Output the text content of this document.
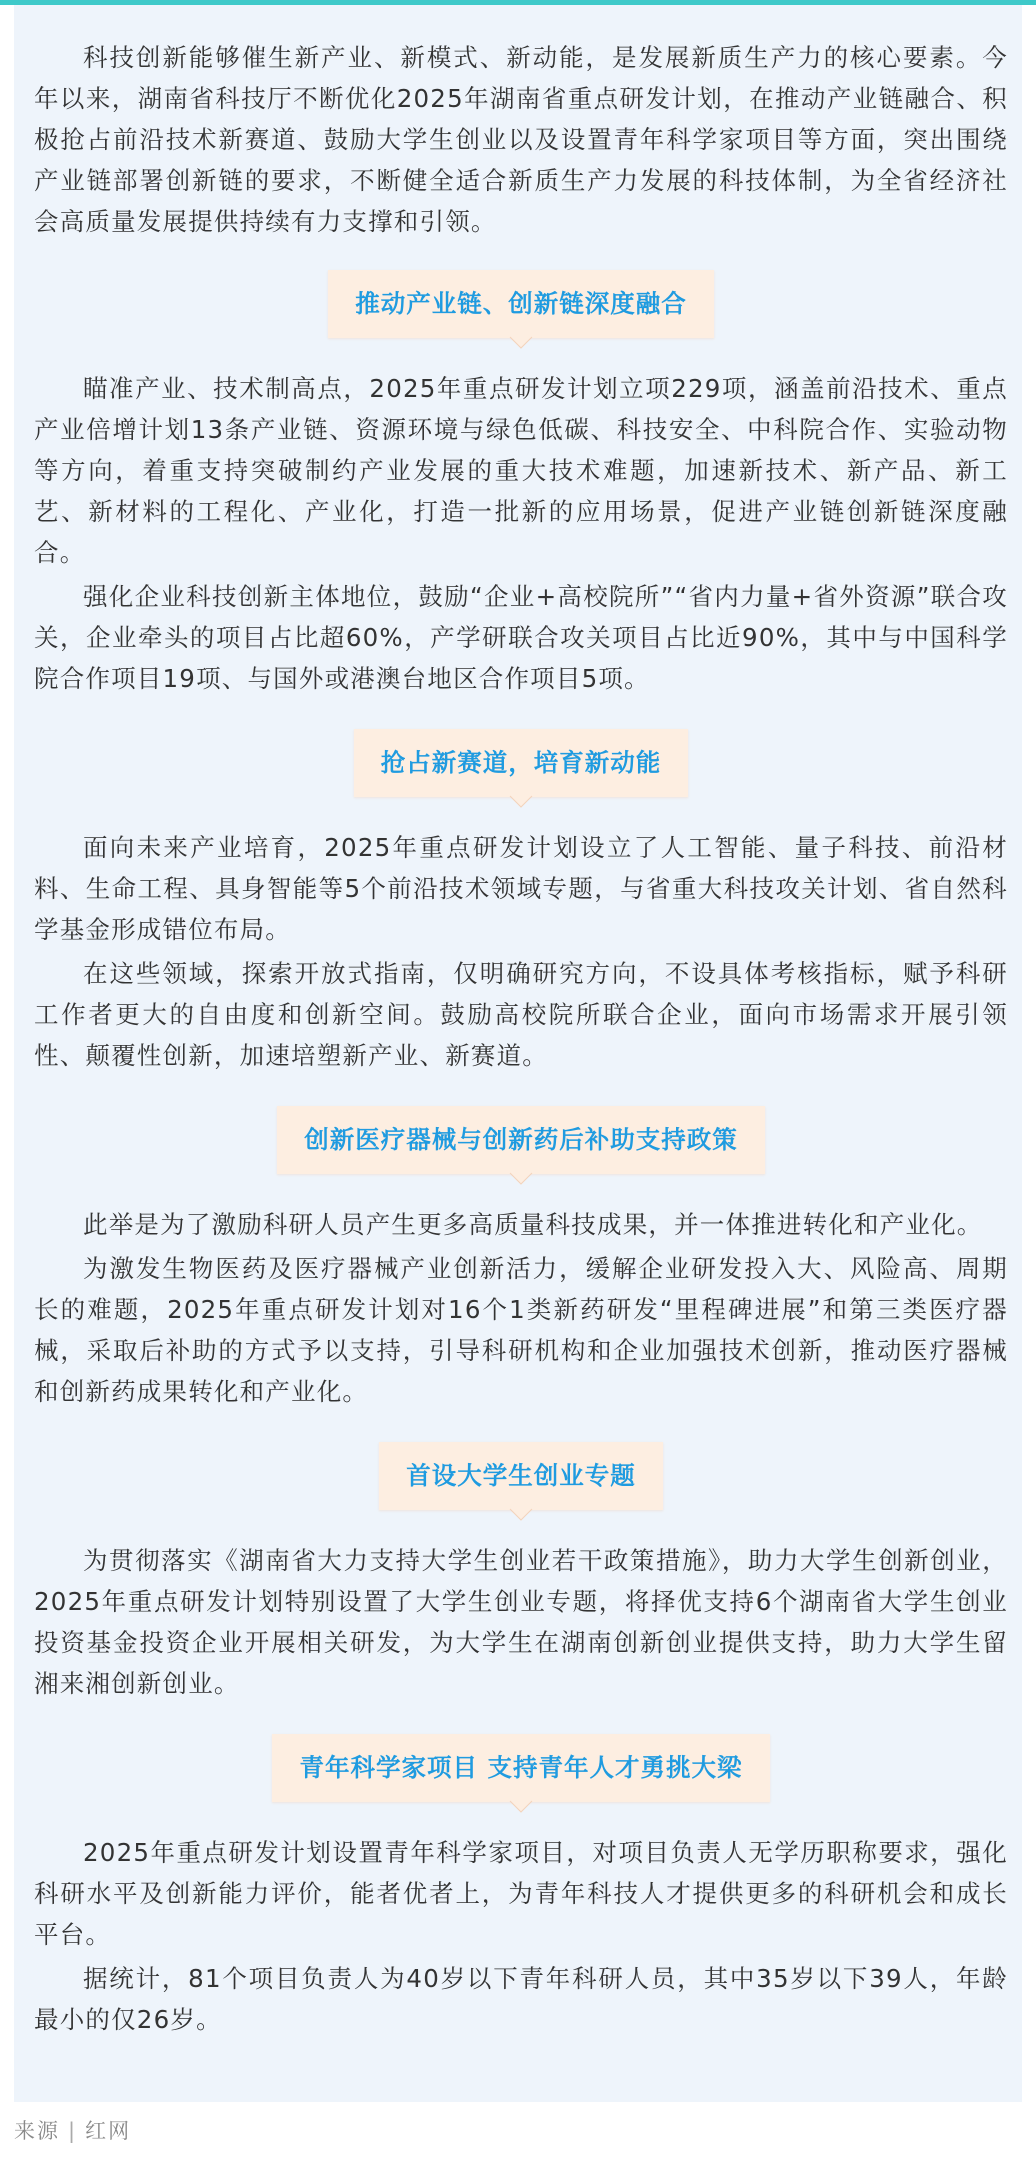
科技创新能够催生新产业、新模式、新动能，是发展新质生产力的核心要素。今年以来，湖南省科技厅不断优化2025年湖南省重点研发计划，在推动产业链融合、积极抢占前沿技术新赛道、鼓励大学生创业以及设置青年科学家项目等方面，突出围绕产业链部署创新链的要求，不断健全适合新质生产力发展的科技体制，为全省经济社会高质量发展提供持续有力支撑和引领。

推动产业链、创新链深度融合

瞄准产业、技术制高点，2025年重点研发计划立项229项，涵盖前沿技术、重点产业倍增计划13条产业链、资源环境与绿色低碳、科技安全、中科院合作、实验动物等方向，着重支持突破制约产业发展的重大技术难题，加速新技术、新产品、新工艺、新材料的工程化、产业化，打造一批新的应用场景，促进产业链创新链深度融合。

强化企业科技创新主体地位，鼓励“企业+高校院所”“省内力量+省外资源”联合攻关，企业牵头的项目占比超60%，产学研联合攻关项目占比近90%，其中与中国科学院合作项目19项、与国外或港澳台地区合作项目5项。

抢占新赛道，培育新动能

面向未来产业培育，2025年重点研发计划设立了人工智能、量子科技、前沿材料、生命工程、具身智能等5个前沿技术领域专题，与省重大科技攻关计划、省自然科学基金形成错位布局。

在这些领域，探索开放式指南，仅明确研究方向，不设具体考核指标，赋予科研工作者更大的自由度和创新空间。鼓励高校院所联合企业，面向市场需求开展引领性、颠覆性创新，加速培塑新产业、新赛道。

创新医疗器械与创新药后补助支持政策

此举是为了激励科研人员产生更多高质量科技成果，并一体推进转化和产业化。

为激发生物医药及医疗器械产业创新活力，缓解企业研发投入大、风险高、周期长的难题，2025年重点研发计划对16个1类新药研发“里程碑进展”和第三类医疗器械，采取后补助的方式予以支持，引导科研机构和企业加强技术创新，推动医疗器械和创新药成果转化和产业化。

首设大学生创业专题

为贯彻落实《湖南省大力支持大学生创业若干政策措施》，助力大学生创新创业，2025年重点研发计划特别设置了大学生创业专题，将择优支持6个湖南省大学生创业投资基金投资企业开展相关研发，为大学生在湖南创新创业提供支持，助力大学生留湘来湘创新创业。

青年科学家项目 支持青年人才勇挑大梁

2025年重点研发计划设置青年科学家项目，对项目负责人无学历职称要求，强化科研水平及创新能力评价，能者优者上，为青年科技人才提供更多的科研机会和成长平台。

据统计，81个项目负责人为40岁以下青年科研人员，其中35岁以下39人，年龄最小的仅26岁。

来源 | 红网
